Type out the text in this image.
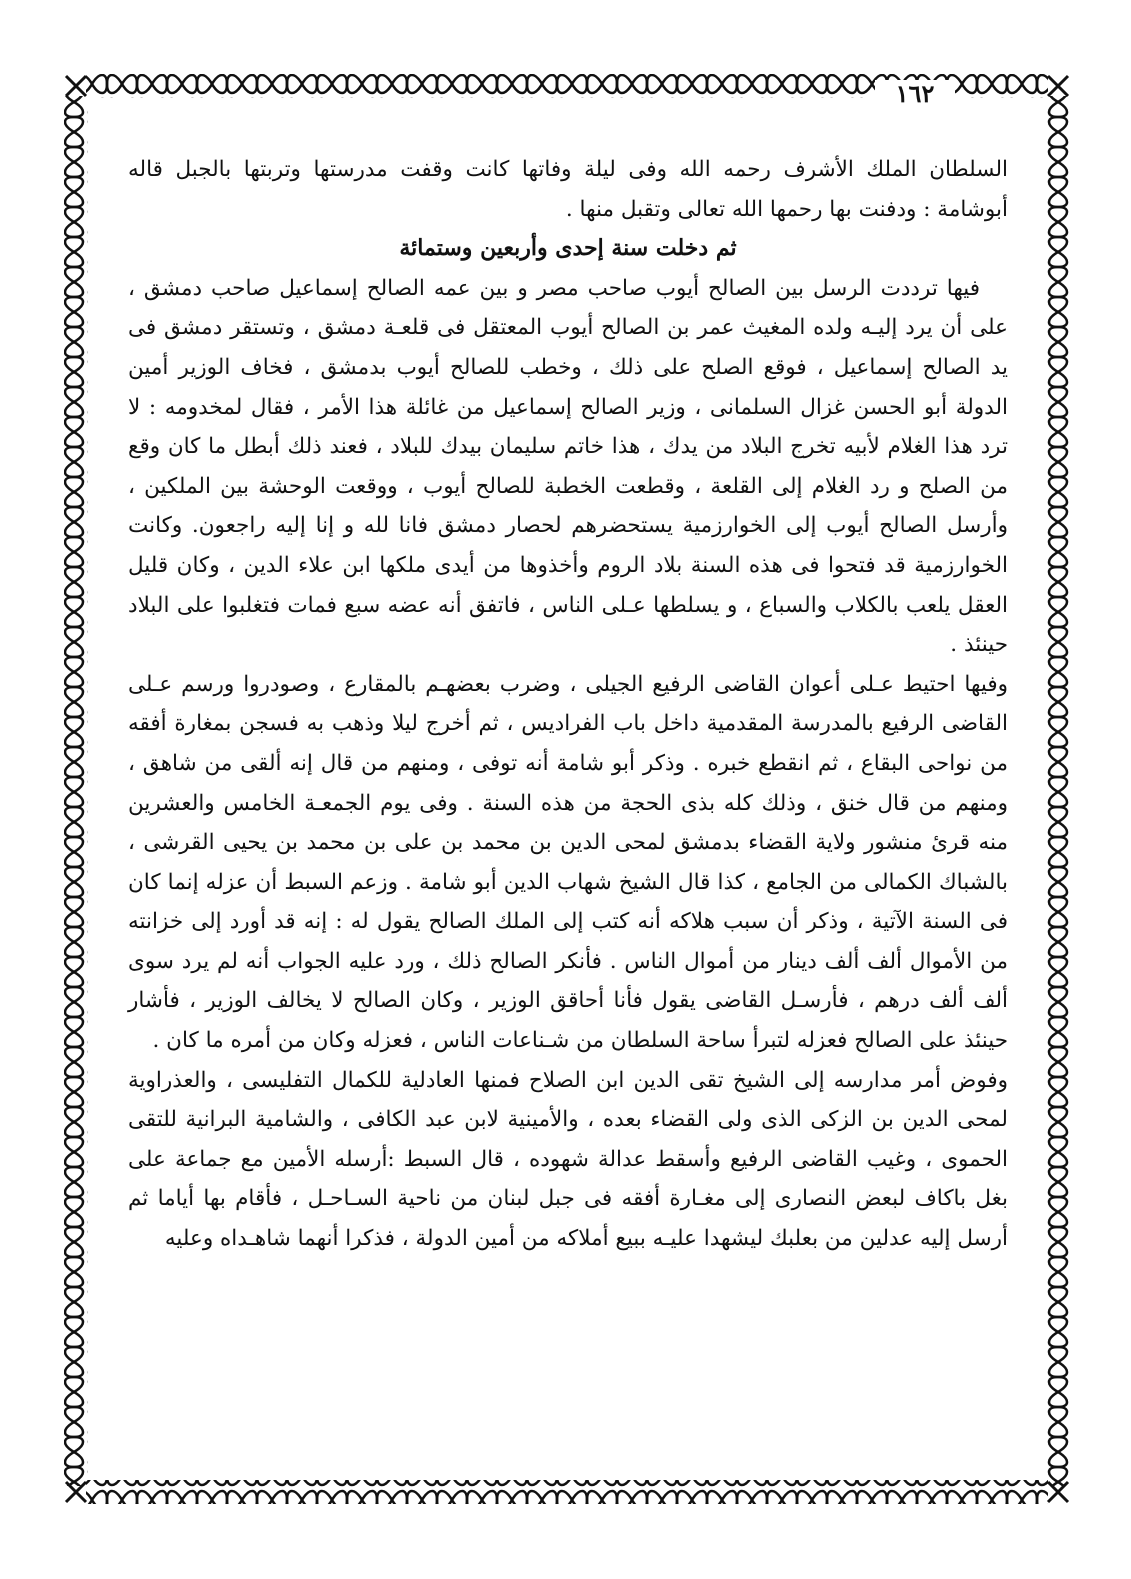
١٦٢

السلطان الملك الأشرف رحمه الله وفى ليلة وفاتها كانت وقفت مدرستها وتربتها بالجبل قاله أبوشامة : ودفنت بها رحمها الله تعالى وتقبل منها .

ثم دخلت سنة إحدى وأربعين وستمائة

فيها ترددت الرسل بين الصالح أيوب صاحب مصر و بين عمه الصالح إسماعيل صاحب دمشق ، على أن يرد إليـه ولده المغيث عمر بن الصالح أيوب المعتقل فى قلعـة دمشق ، وتستقر دمشق فى يد الصالح إسماعيل ، فوقع الصلح على ذلك ، وخطب للصالح أيوب بدمشق ، فخاف الوزير أمين الدولة أبو الحسن غزال السلمانى ، وزير الصالح إسماعيل من غائلة هذا الأمر ، فقال لمخدومه : لا ترد هذا الغلام لأبيه تخرج البلاد من يدك ، هذا خاتم سليمان بيدك للبلاد ، فعند ذلك أبطل ما كان وقع من الصلح و رد الغلام إلى القلعة ، وقطعت الخطبة للصالح أيوب ، ووقعت الوحشة بين الملكين ، وأرسل الصالح أيوب إلى الخوارزمية يستحضرهم لحصار دمشق فانا لله و إنا إليه راجعون. وكانت الخوارزمية قد فتحوا فى هذه السنة بلاد الروم وأخذوها من أيدى ملكها ابن علاء الدين ، وكان قليل العقل يلعب بالكلاب والسباع ، و يسلطها عـلى الناس ، فاتفق أنه عضه سبع فمات فتغلبوا على البلاد حينئذ .

وفيها احتيط عـلى أعوان القاضى الرفيع الجيلى ، وضرب بعضهـم بالمقارع ، وصودروا ورسم عـلى القاضى الرفيع بالمدرسة المقدمية داخل باب الفراديس ، ثم أخرج ليلا وذهب به فسجن بمغارة أفقه من نواحى البقاع ، ثم انقطع خبره . وذكر أبو شامة أنه توفى ، ومنهم من قال إنه ألقى من شاهق ، ومنهم من قال خنق ، وذلك كله بذى الحجة من هذه السنة . وفى يوم الجمعـة الخامس والعشرين منه قرئ منشور ولاية القضاء بدمشق لمحى الدين بن محمد بن على بن محمد بن يحيى القرشى ، بالشباك الكمالى من الجامع ، كذا قال الشيخ شهاب الدين أبو شامة . وزعم السبط أن عزله إنما كان فى السنة الآتية ، وذكر أن سبب هلاكه أنه كتب إلى الملك الصالح يقول له : إنه قد أورد إلى خزانته من الأموال ألف ألف دينار من أموال الناس . فأنكر الصالح ذلك ، ورد عليه الجواب أنه لم يرد سوى ألف ألف درهم ، فأرسـل القاضى يقول فأنا أحاقق الوزير ، وكان الصالح لا يخالف الوزير ، فأشار حينئذ على الصالح فعزله لتبرأ ساحة السلطان من شـناعات الناس ، فعزله وكان من أمره ما كان .

وفوض أمر مدارسه إلى الشيخ تقى الدين ابن الصلاح فمنها العادلية للكمال التفليسى ، والعذراوية لمحى الدين بن الزكى الذى ولى القضاء بعده ، والأمينية لابن عبد الكافى ، والشامية البرانية للتقى الحموى ، وغيب القاضى الرفيع وأسقط عدالة شهوده ، قال السبط :أرسله الأمين مع جماعة على بغل باكاف لبعض النصارى إلى مغـارة أفقه فى جبل لبنان من ناحية السـاحـل ، فأقام بها أياما ثم أرسل إليه عدلين من بعلبك ليشهدا عليـه ببيع أملاكه من أمين الدولة ، فذكرا أنهما شاهـداه وعليه
